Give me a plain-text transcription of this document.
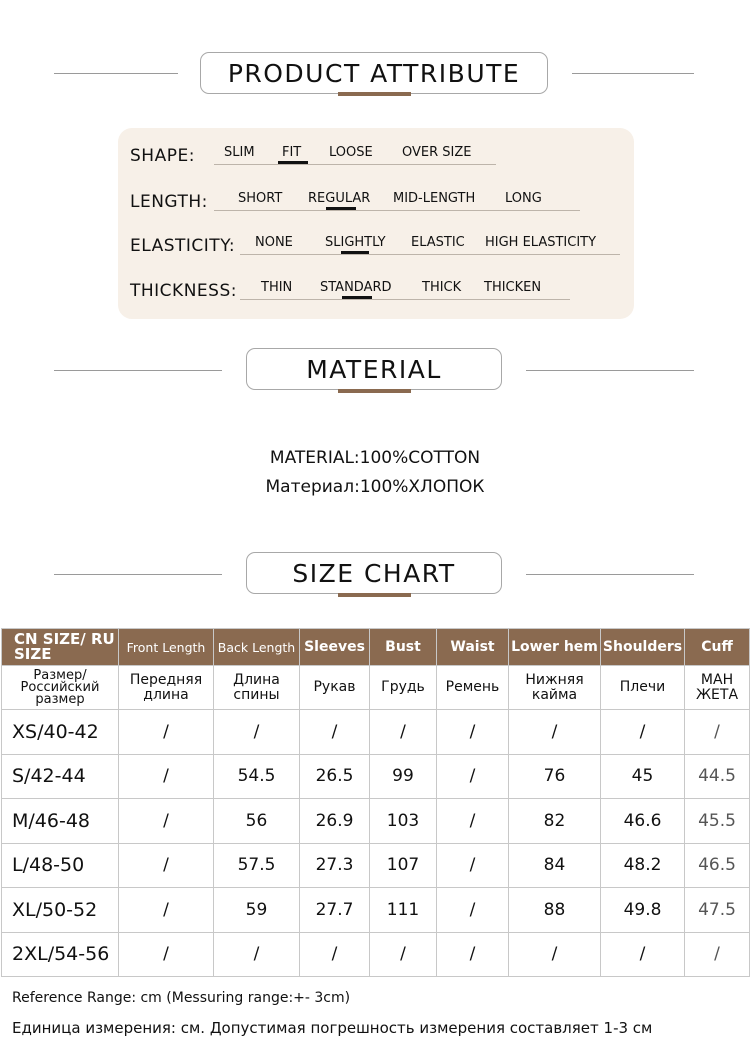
PRODUCT ATTRIBUTE
SHAPE: SLIM FIT LOOSE OVER SIZE
LENGTH: SHORT REGULAR MID-LENGTH LONG
ELASTICITY: NONE SLIGHTLY ELASTIC HIGH ELASTICITY
THICKNESS: THIN STANDARD THICK THICKEN
MATERIAL
MATERIAL:100%COTTON
Материал:100%ХЛОПОК
SIZE CHART
CN SIZE/ RU SIZE	Front Length	Back Length	Sleeves	Bust	Waist	Lower hem	Shoulders	Cuff
Размер/ Российский размер	Передняя длина	Длина спины	Рукав	Грудь	Ремень	Нижняя кайма	Плечи	МАН ЖЕТА
XS/40-42	/	/	/	/	/	/	/	/
S/42-44	/	54.5	26.5	99	/	76	45	44.5
M/46-48	/	56	26.9	103	/	82	46.6	45.5
L/48-50	/	57.5	27.3	107	/	84	48.2	46.5
XL/50-52	/	59	27.7	111	/	88	49.8	47.5
2XL/54-56	/	/	/	/	/	/	/	/
Reference Range: cm (Messuring range:+- 3cm)
Единица измерения: см. Допустимая погрешность измерения составляет 1-3 см
